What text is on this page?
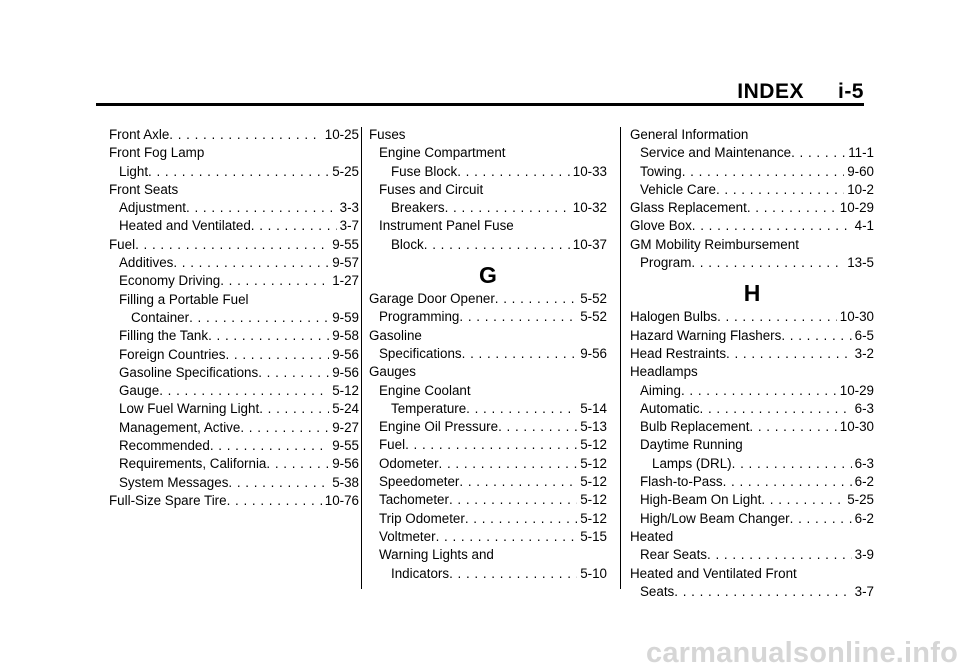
INDEX i-5
Front Axle . . .	10-25
Front Fog Lamp
Light . . .	5-25
Front Seats
Adjustment . . .	3-3
Heated and Ventilated . . .	3-7
Fuel . . .	9-55
Additives . . .	9-57
Economy Driving . . .	1-27
Filling a Portable Fuel
Container . . .	9-59
Filling the Tank . . .	9-58
Foreign Countries . . .	9-56
Gasoline Specifications . . .	9-56
Gauge . . .	5-12
Low Fuel Warning Light . . .	5-24
Management, Active . . .	9-27
Recommended . . .	9-55
Requirements, California . . .	9-56
System Messages . . .	5-38
Full-Size Spare Tire . . .	10-76
Fuses
Engine Compartment
Fuse Block . . .	10-33
Fuses and Circuit
Breakers . . .	10-32
Instrument Panel Fuse
Block . . .	10-37
G
Garage Door Opener . . .	5-52
Programming . . .	5-52
Gasoline
Specifications . . .	9-56
Gauges
Engine Coolant
Temperature . . .	5-14
Engine Oil Pressure . . .	5-13
Fuel . . .	5-12
Odometer . . .	5-12
Speedometer . . .	5-12
Tachometer . . .	5-12
Trip Odometer . . .	5-12
Voltmeter . . .	5-15
Warning Lights and
Indicators . . .	5-10
General Information
Service and Maintenance . . .	11-1
Towing . . .	9-60
Vehicle Care . . .	10-2
Glass Replacement . . .	10-29
Glove Box . . .	4-1
GM Mobility Reimbursement
Program . . .	13-5
H
Halogen Bulbs . . .	10-30
Hazard Warning Flashers . . .	6-5
Head Restraints . . .	3-2
Headlamps
Aiming . . .	10-29
Automatic . . .	6-3
Bulb Replacement . . .	10-30
Daytime Running
Lamps (DRL) . . .	6-3
Flash-to-Pass . . .	6-2
High-Beam On Light . . .	5-25
High/Low Beam Changer . . .	6-2
Heated
Rear Seats . . .	3-9
Heated and Ventilated Front
Seats . . .	3-7
carmanualsonline.info
